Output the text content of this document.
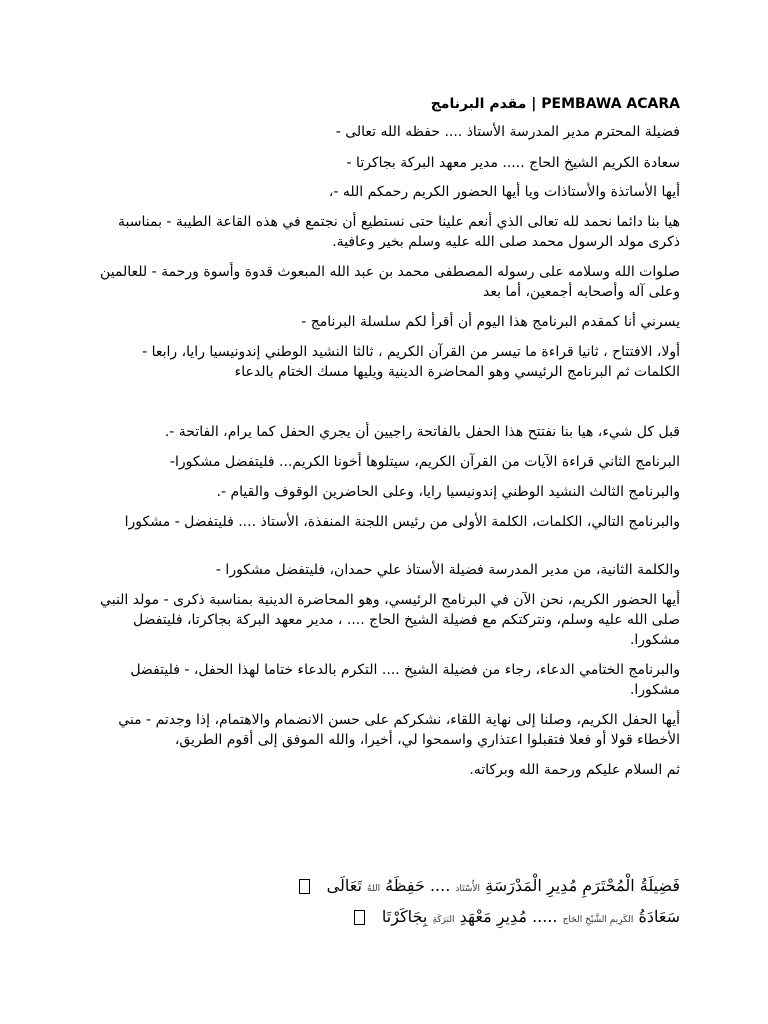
PEMBAWA ACARA | مقدم البرنامج
فضيلة المحترم مدير المدرسة الأستاذ .... حفظه الله تعالى -
سعادة الكريم الشيخ الحاج ..... مدير معهد البركة بجاكرتا -
أيها الأساتذة والأستاذات ويا أيها الحضور الكريم رحمكم الله -،
هيا بنا دائما نحمد لله تعالى الذي أنعم علينا حتى نستطيع أن نجتمع في هذه القاعة الطيبة - بمناسبة ذكرى مولد الرسول محمد صلى الله عليه وسلم بخير وعافية.
صلوات الله وسلامه على رسوله المصطفى محمد بن عبد الله المبعوث قدوة وأسوة ورحمة - للعالمين وعلى آله وأصحابه أجمعين، أما بعد
يسرني أنا كمقدم البرنامج هذا اليوم أن أقرأ لكم سلسلة البرنامج -
أولا، الافتتاح ، ثانيا قراءة ما تيسر من القرآن الكريم ، ثالثا النشيد الوطني إندونيسيا رايا، رابعا - الكلمات ثم البرنامج الرئيسي وهو المحاضرة الدينية ويليها مسك الختام بالدعاء
قبل كل شيء، هيا بنا نفتتح هذا الحفل بالفاتحة راجيين أن يجري الحفل كما يرام، الفاتحة -.
البرنامج الثاني قراءة الآيات من القرآن الكريم، سيتلوها أخونا الكريم... فليتفضل مشكورا-
والبرنامج الثالث النشيد الوطني إندونيسيا رايا، وعلى الحاضرين الوقوف والقيام -.
والبرنامج التالي، الكلمات، الكلمة الأولى من رئيس اللجنة المنفذة، الأستاذ .... فليتفضل - مشكورا
والكلمة الثانية، من مدير المدرسة فضيلة الأستاذ علي حمدان، فليتفضل مشكورا -
أيها الحضور الكريم، نحن الآن في البرنامج الرئيسي، وهو المحاضرة الدينية بمناسبة ذكرى - مولد النبي صلى الله عليه وسلم، ونتركتكم مع فضيلة الشيخ الحاج .... ، مدير معهد البركة بجاكرتا، فليتفضل مشكورا.
والبرنامج الختامي الدعاء، رجاء من فضيلة الشيخ .... التكرم بالدعاء ختاما لهذا الحفل، - فليتفضل مشكورا.
أيها الحفل الكريم، وصلنا إلى نهاية اللقاء، نشكركم على حسن الانضمام والاهتمام، إذا وجدتم - مني الأخطاء قولا أو فعلا فتقبلوا اعتذاري واسمحوا لي، أخيرا، والله الموفق إلى أقوم الطريق،
ثم السلام عليكم ورحمة الله وبركاته.
فَضِيلَةُ الْمُحْتَرَمِ مُدِيرِ الْمَدْرَسَةِ الأُسْتَاذ .... حَفِظَهُ اللهُ تَعَالَى
سَعَادَةُ الكَرِيمِ الشَّيْخِ الحَاج ..... مُدِيرِ مَعْهَدِ البَرَكَةِ بِجَاكَرْتَا
